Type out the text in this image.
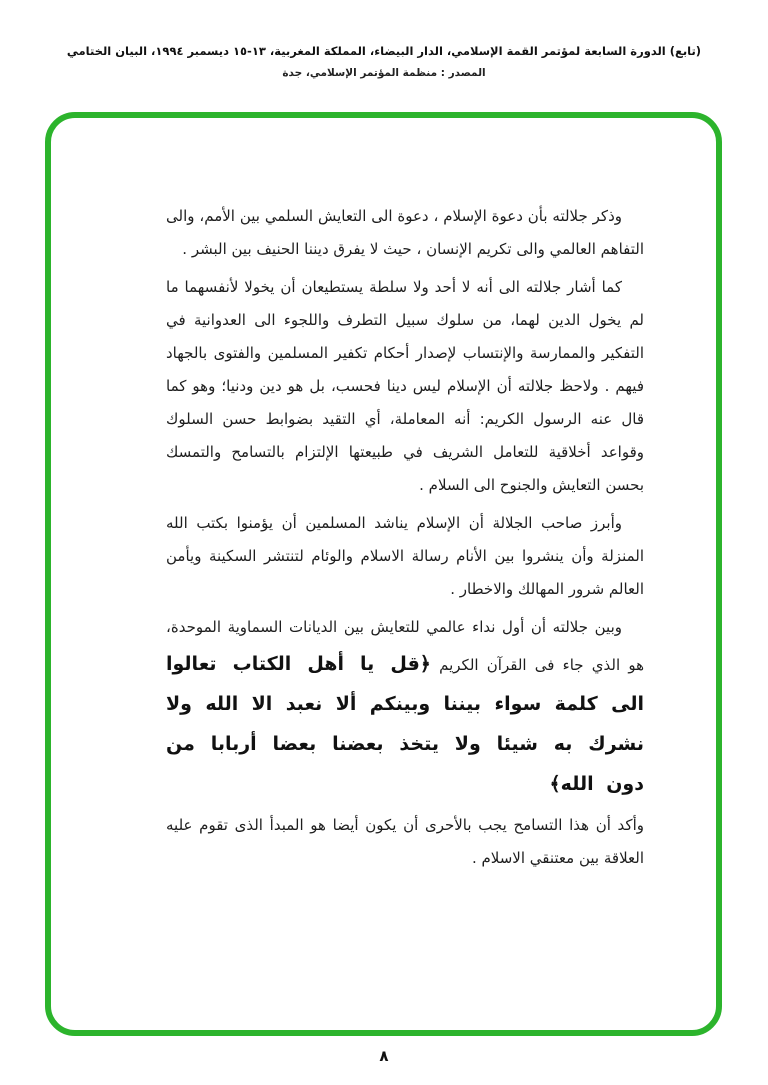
(تابع) الدورة السابعة لمؤتمر القمة الإسلامي، الدار البيضاء، المملكة المغربية، ١٣-١٥ ديسمبر ١٩٩٤، البيان الختامي
المصدر : منظمة المؤتمر الإسلامي، جدة

وذكر جلالته بأن دعوة الإسلام ، دعوة الى التعايش السلمي بين الأمم، والى التفاهم العالمي والى تكريم الإنسان ، حيث لا يفرق ديننا الحنيف بين البشر .

كما أشار جلالته الى أنه لا أحد ولا سلطة يستطيعان أن يخولا لأنفسهما ما لم يخول الدين لهما، من سلوك سبيل التطرف واللجوء الى العدوانية في التفكير والممارسة والإنتساب لإصدار أحكام تكفير المسلمين والفتوى بالجهاد فيهم . ولاحظ جلالته أن الإسلام ليس دينا فحسب، بل هو دين ودنيا؛ وهو كما قال عنه الرسول الكريم: أنه المعاملة، أي التقيد بضوابط حسن السلوك وقواعد أخلاقية للتعامل الشريف في طبيعتها الإلتزام بالتسامح والتمسك بحسن التعايش والجنوح الى السلام .

وأبرز صاحب الجلالة أن الإسلام يناشد المسلمين أن يؤمنوا بكتب الله المنزلة وأن ينشروا بين الأنام رسالة الاسلام والوئام لتنتشر السكينة ويأمن العالم شرور المهالك والاخطار .

وبين جلالته أن أول نداء عالمي للتعايش بين الديانات السماوية الموحدة، هو الذي جاء فى القرآن الكريم ﴿قل يا أهل الكتاب تعالوا الى كلمة سواء بيننا وبينكم ألا نعبد الا الله ولا نشرك به شيئا ولا يتخذ بعضنا بعضا أربابا من دون الله﴾

وأكد أن هذا التسامح يجب بالأحرى أن يكون أيضا هو المبدأ الذى تقوم عليه العلاقة بين معتنقي الاسلام .

٨
